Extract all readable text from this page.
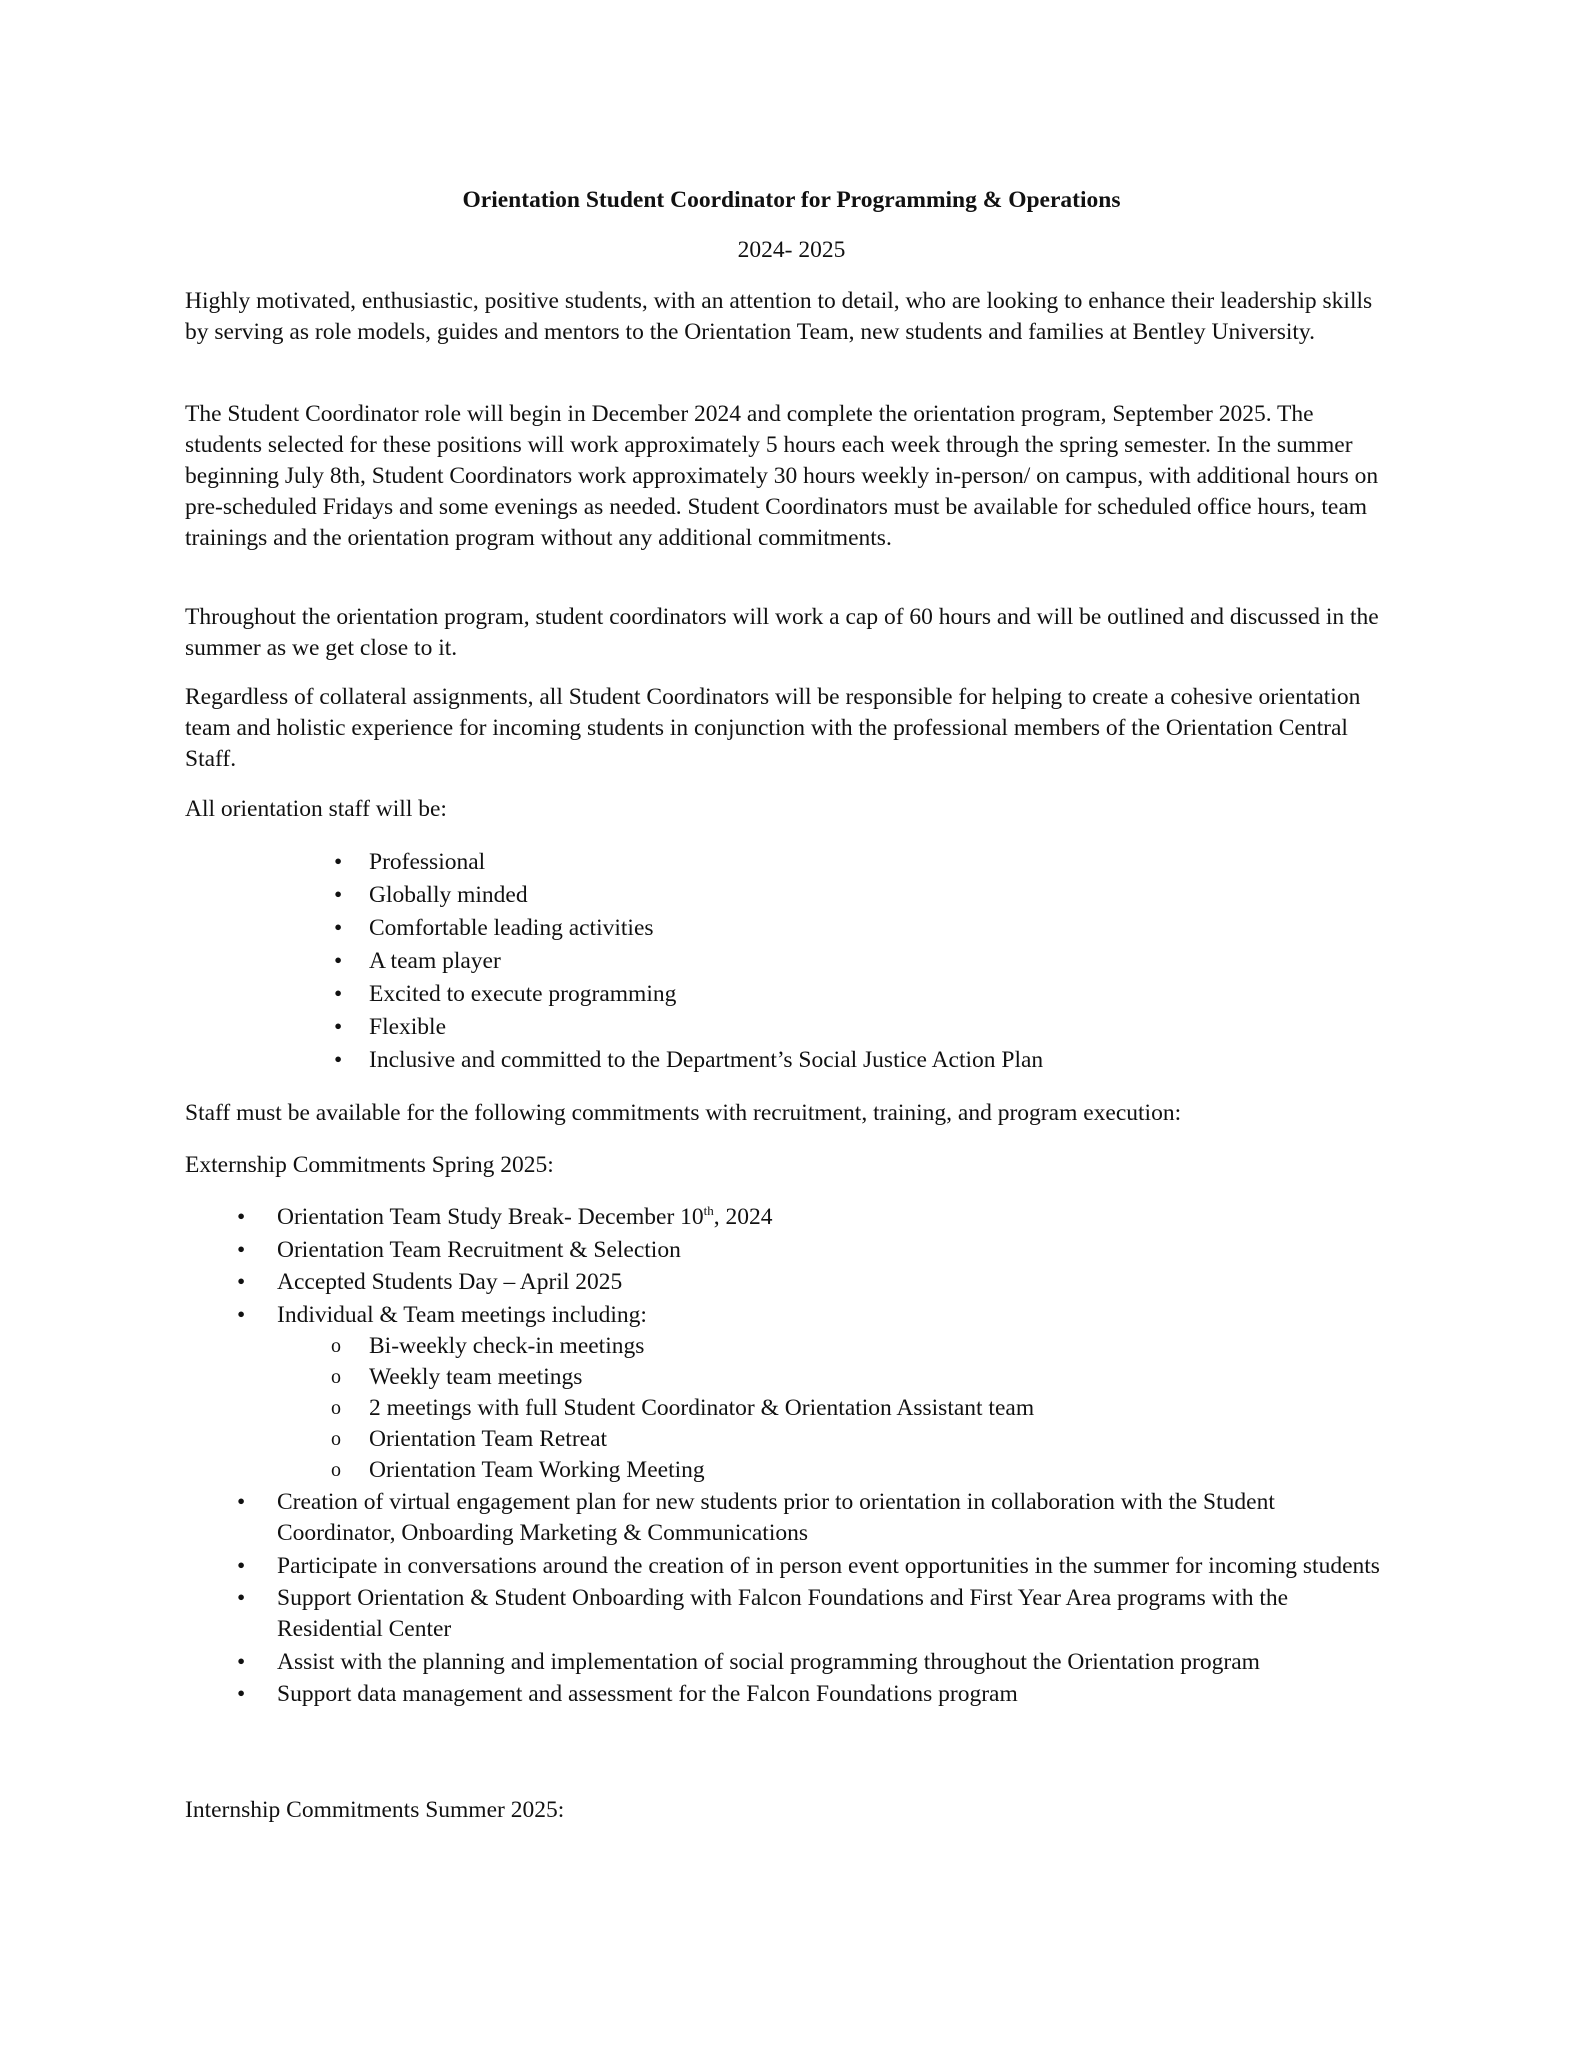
Orientation Student Coordinator for Programming & Operations
2024- 2025

Highly motivated, enthusiastic, positive students, with an attention to detail, who are looking to enhance their leadership skills by serving as role models, guides and mentors to the Orientation Team, new students and families at Bentley University.

The Student Coordinator role will begin in December 2024 and complete the orientation program, September 2025. The students selected for these positions will work approximately 5 hours each week through the spring semester. In the summer beginning July 8th, Student Coordinators work approximately 30 hours weekly in-person/ on campus, with additional hours on pre-scheduled Fridays and some evenings as needed. Student Coordinators must be available for scheduled office hours, team trainings and the orientation program without any additional commitments.

Throughout the orientation program, student coordinators will work a cap of 60 hours and will be outlined and discussed in the summer as we get close to it.

Regardless of collateral assignments, all Student Coordinators will be responsible for helping to create a cohesive orientation team and holistic experience for incoming students in conjunction with the professional members of the Orientation Central Staff.

All orientation staff will be:

• Professional
• Globally minded
• Comfortable leading activities
• A team player
• Excited to execute programming
• Flexible
• Inclusive and committed to the Department’s Social Justice Action Plan

Staff must be available for the following commitments with recruitment, training, and program execution:

Externship Commitments Spring 2025:

• Orientation Team Study Break- December 10th, 2024
• Orientation Team Recruitment & Selection
• Accepted Students Day – April 2025
• Individual & Team meetings including:
o Bi-weekly check-in meetings
o Weekly team meetings
o 2 meetings with full Student Coordinator & Orientation Assistant team
o Orientation Team Retreat
o Orientation Team Working Meeting
• Creation of virtual engagement plan for new students prior to orientation in collaboration with the Student Coordinator, Onboarding Marketing & Communications
• Participate in conversations around the creation of in person event opportunities in the summer for incoming students
• Support Orientation & Student Onboarding with Falcon Foundations and First Year Area programs with the Residential Center
• Assist with the planning and implementation of social programming throughout the Orientation program
• Support data management and assessment for the Falcon Foundations program

Internship Commitments Summer 2025:
